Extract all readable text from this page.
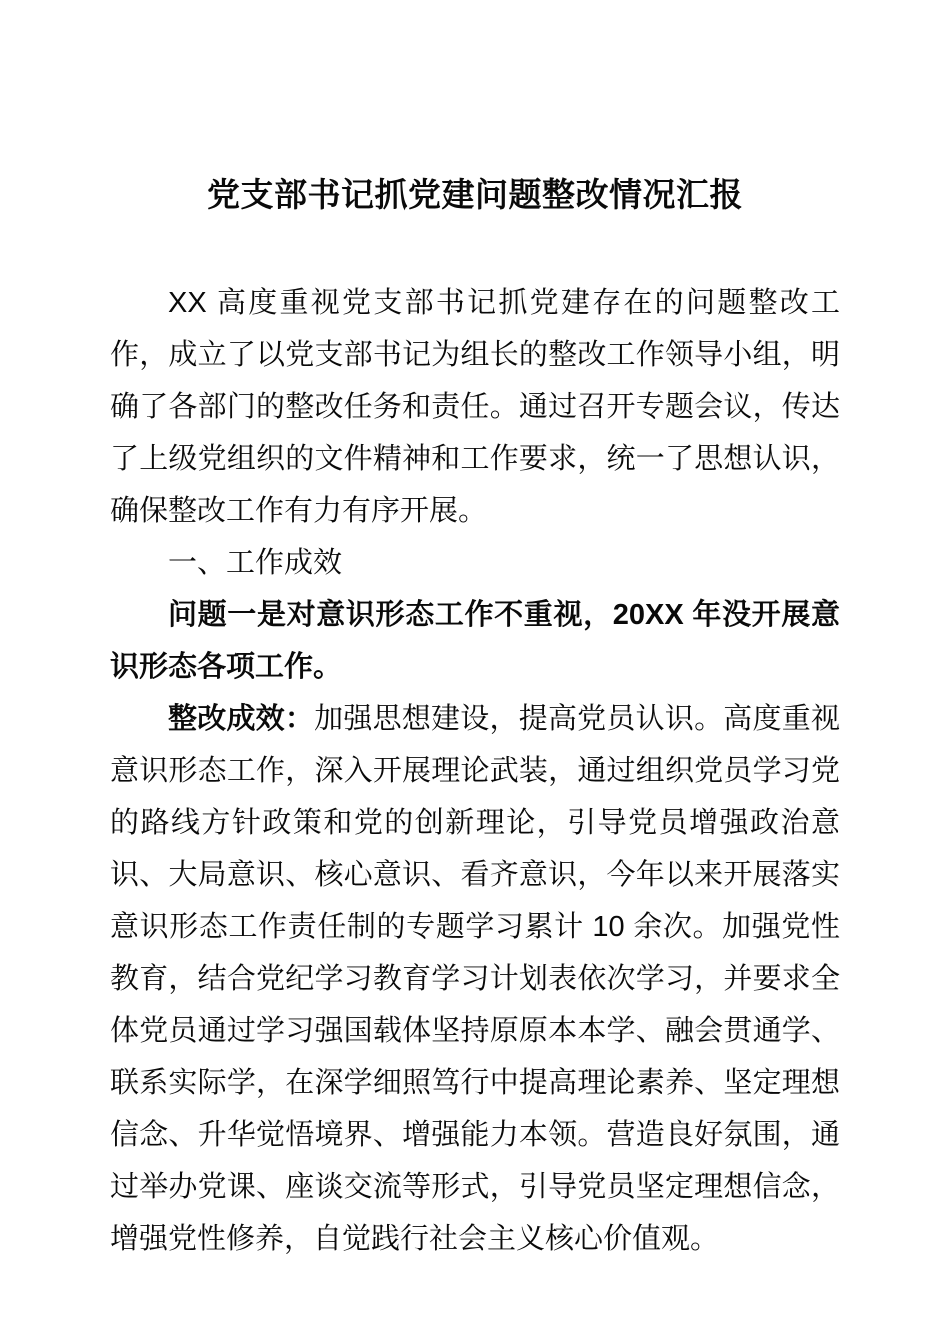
党支部书记抓党建问题整改情况汇报

XX 高度重视党支部书记抓党建存在的问题整改工作，成立了以党支部书记为组长的整改工作领导小组，明确了各部门的整改任务和责任。通过召开专题会议，传达了上级党组织的文件精神和工作要求，统一了思想认识，确保整改工作有力有序开展。

一、工作成效

问题一是对意识形态工作不重视，20XX 年没开展意识形态各项工作。

整改成效：加强思想建设，提高党员认识。高度重视意识形态工作，深入开展理论武装，通过组织党员学习党的路线方针政策和党的创新理论，引导党员增强政治意识、大局意识、核心意识、看齐意识，今年以来开展落实意识形态工作责任制的专题学习累计 10 余次。加强党性教育，结合党纪学习教育学习计划表依次学习，并要求全体党员通过学习强国载体坚持原原本本学、融会贯通学、联系实际学，在深学细照笃行中提高理论素养、坚定理想信念、升华觉悟境界、增强能力本领。营造良好氛围，通过举办党课、座谈交流等形式，引导党员坚定理想信念，增强党性修养，自觉践行社会主义核心价值观。
